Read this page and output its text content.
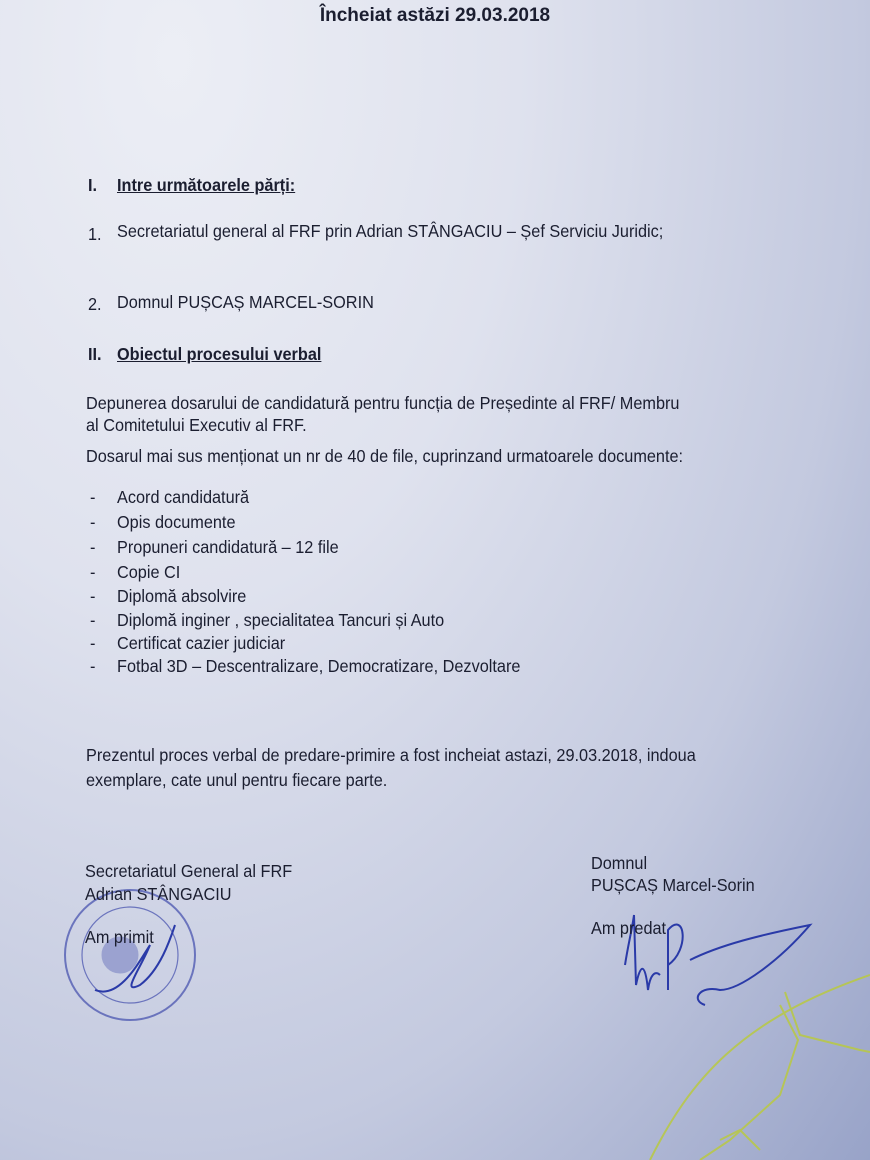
Încheiat astăzi 29.03.2018
I. Intre următoarele părți:
1. Secretariatul general al FRF prin Adrian STÂNGACIU – Șef Serviciu Juridic;
2. Domnul PUȘCAȘ MARCEL-SORIN
II. Obiectul procesului verbal
Depunerea dosarului de candidatură pentru funcția de Președinte al FRF/ Membru
al Comitetului Executiv al FRF.
Dosarul mai sus menționat un nr de 40 de file, cuprinzand urmatoarele documente:
- Acord candidatură
- Opis documente
- Propuneri candidatură – 12 file
- Copie CI
- Diplomă absolvire
- Diplomă inginer , specialitatea Tancuri și Auto
- Certificat cazier judiciar
- Fotbal 3D – Descentralizare, Democratizare, Dezvoltare
Prezentul proces verbal de predare-primire a fost incheiat astazi, 29.03.2018, indoua
exemplare, cate unul pentru fiecare parte.
Secretariatul General al FRF
Adrian STÂNGACIU
Am primit
Domnul
PUȘCAȘ Marcel-Sorin
Am predat
